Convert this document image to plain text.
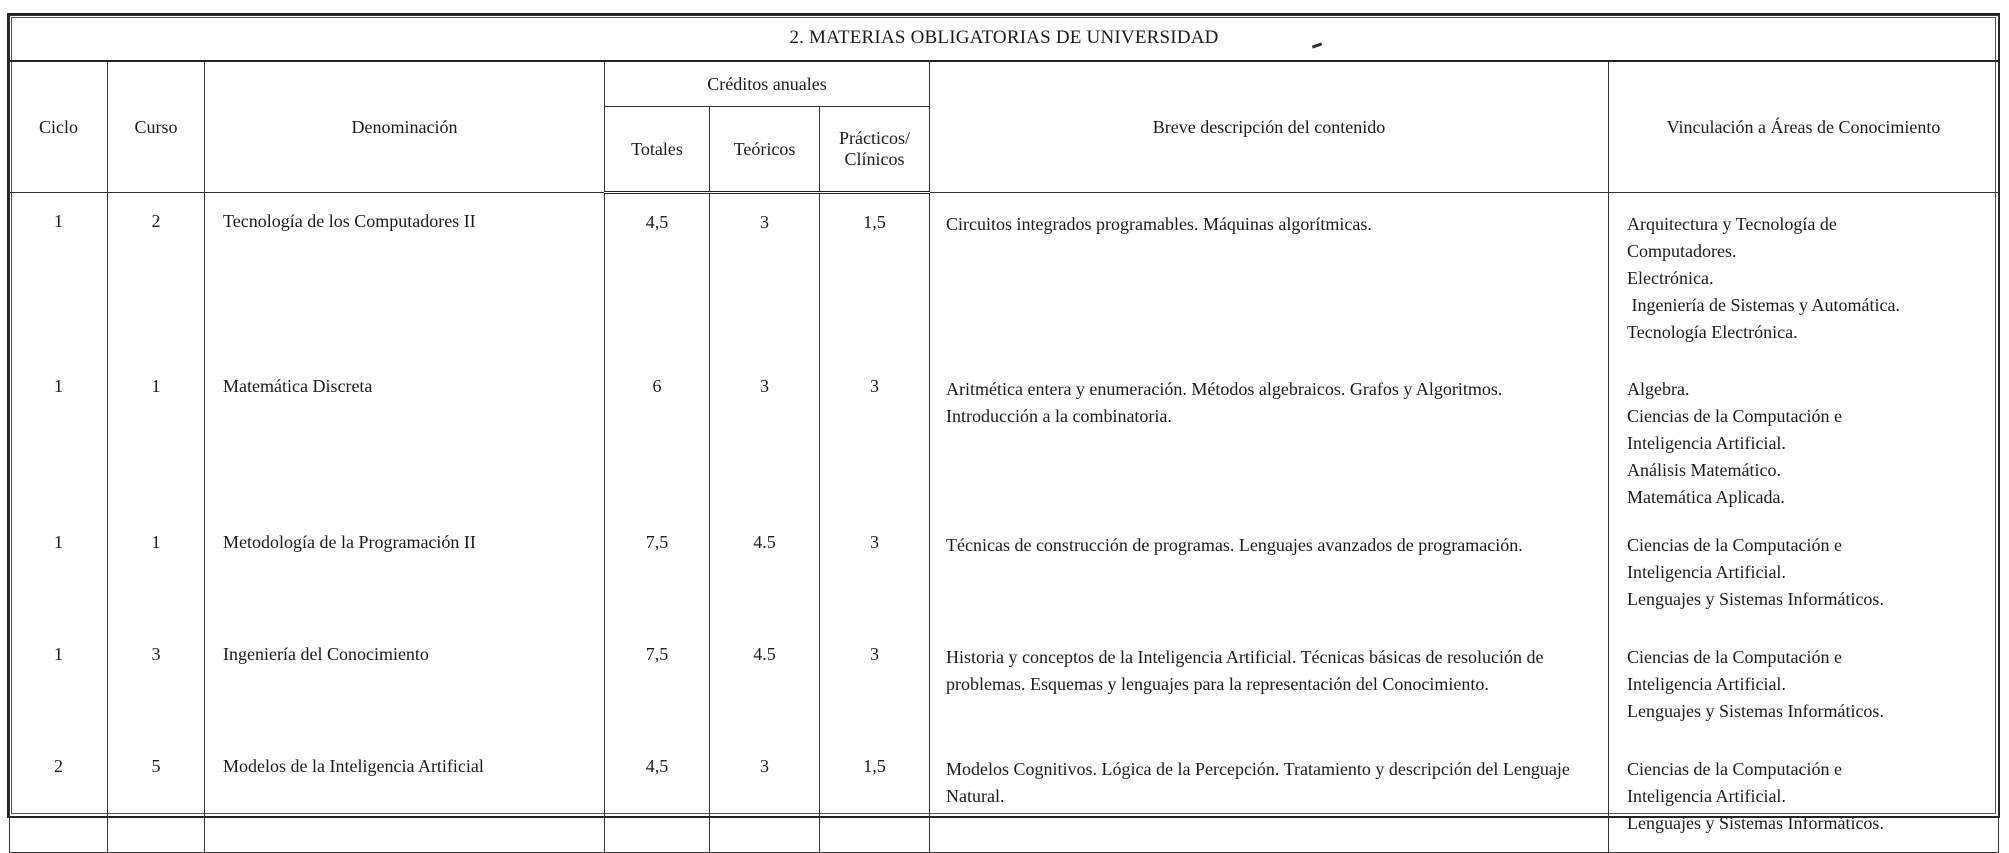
2. MATERIAS OBLIGATORIAS DE UNIVERSIDAD							
Ciclo	Curso	Denominación	Créditos anuales			Breve descripción del contenido	Vinculación a Áreas de Conocimiento
			Totales	Teóricos	Prácticos/
Clínicos		

1	2	Tecnología de los Computadores II	4,5	3	1,5	Circuitos integrados programables. Máquinas algorítmicas.	Arquitectura y Tecnología de
Computadores.
Electrónica.
Ingeniería de Sistemas y Automática.
Tecnología Electrónica.

1	1	Matemática Discreta	6	3	3	Aritmética entera y enumeración. Métodos algebraicos. Grafos y Algoritmos. Introducción a la combinatoria.	Algebra.
Ciencias de la Computación e
Inteligencia Artificial.
Análisis Matemático.
Matemática Aplicada.

1	1	Metodología de la Programación II	7,5	4.5	3	Técnicas de construcción de programas. Lenguajes avanzados de programación.	Ciencias de la Computación e
Inteligencia Artificial.
Lenguajes y Sistemas Informáticos.

1	3	Ingeniería del Conocimiento	7,5	4.5	3	Historia y conceptos de la Inteligencia Artificial. Técnicas básicas de resolución de problemas. Esquemas y lenguajes para la representación del Conocimiento.	Ciencias de la Computación e
Inteligencia Artificial.
Lenguajes y Sistemas Informáticos.

2	5	Modelos de la Inteligencia Artificial	4,5	3	1,5	Modelos Cognitivos. Lógica de la Percepción. Tratamiento y descripción del Lenguaje Natural.	Ciencias de la Computación e
Inteligencia Artificial.
Lenguajes y Sistemas Informáticos.
